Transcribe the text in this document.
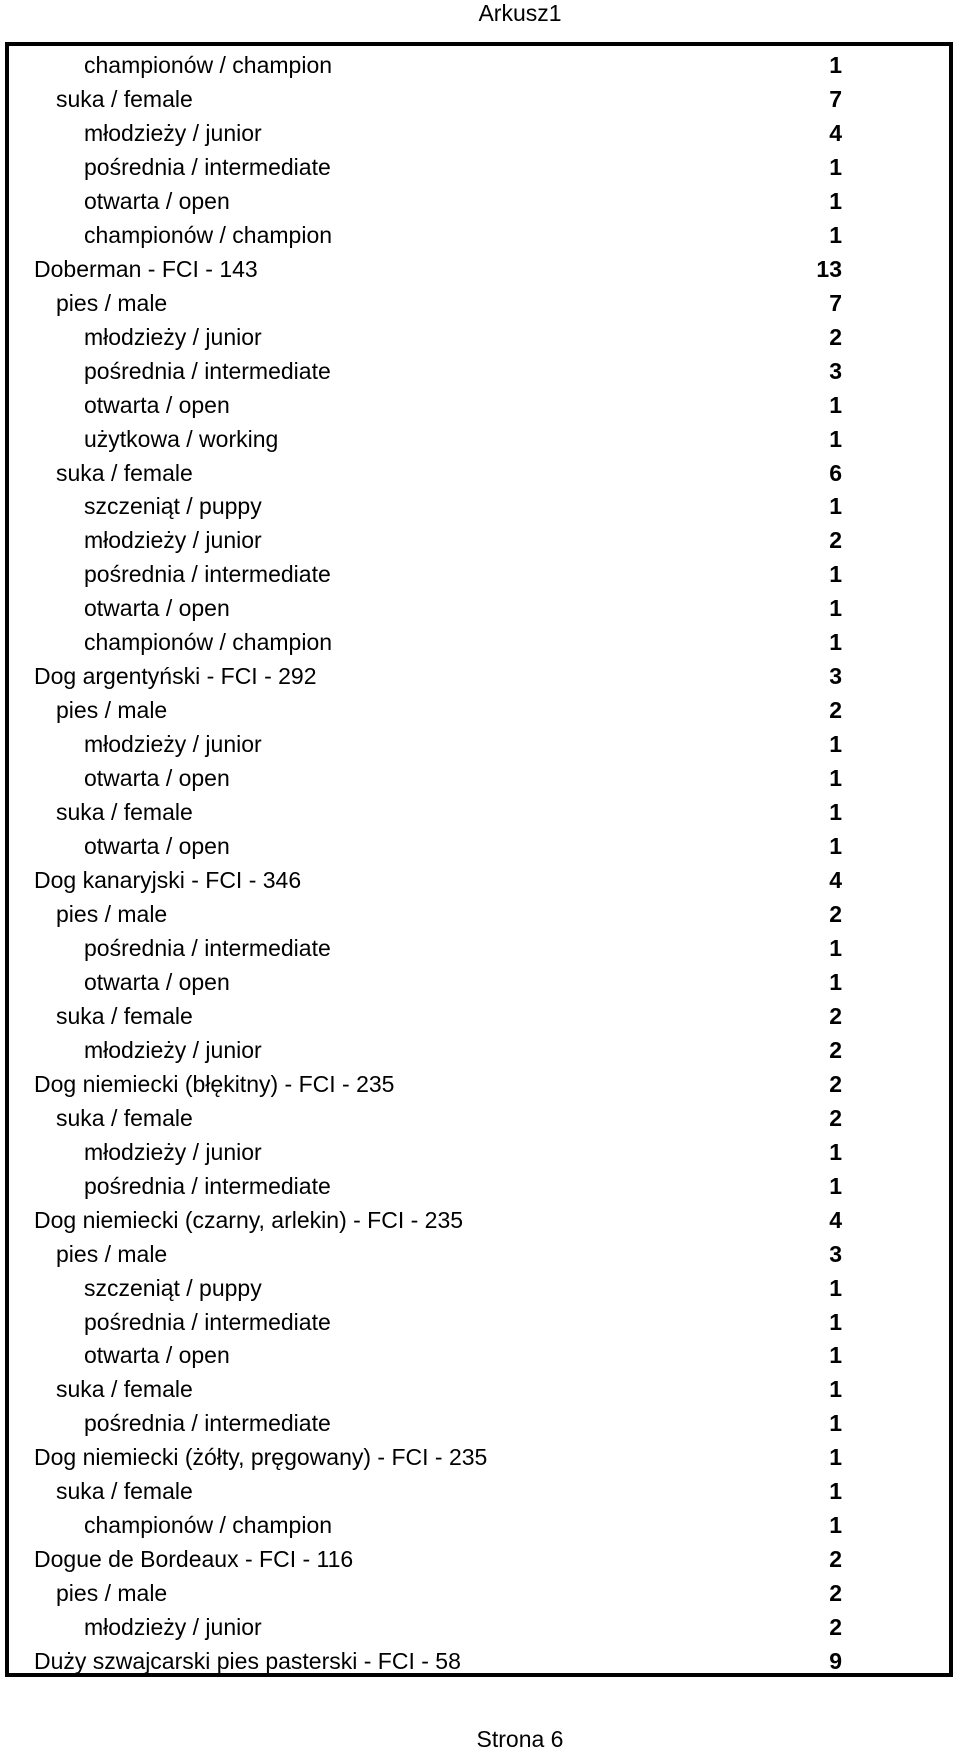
Arkusz1
championów / champion	1
suka / female	7
młodzieży / junior	4
pośrednia / intermediate	1
otwarta / open	1
championów / champion	1
Doberman - FCI - 143	13
pies / male	7
młodzieży / junior	2
pośrednia / intermediate	3
otwarta / open	1
użytkowa / working	1
suka / female	6
szczeniąt / puppy	1
młodzieży / junior	2
pośrednia / intermediate	1
otwarta / open	1
championów / champion	1
Dog argentyński - FCI - 292	3
pies / male	2
młodzieży / junior	1
otwarta / open	1
suka / female	1
otwarta / open	1
Dog kanaryjski - FCI - 346	4
pies / male	2
pośrednia / intermediate	1
otwarta / open	1
suka / female	2
młodzieży / junior	2
Dog niemiecki (błękitny) - FCI - 235	2
suka / female	2
młodzieży / junior	1
pośrednia / intermediate	1
Dog niemiecki (czarny, arlekin) - FCI - 235	4
pies / male	3
szczeniąt / puppy	1
pośrednia / intermediate	1
otwarta / open	1
suka / female	1
pośrednia / intermediate	1
Dog niemiecki (żółty, pręgowany) - FCI - 235	1
suka / female	1
championów / champion	1
Dogue de Bordeaux - FCI - 116	2
pies / male	2
młodzieży / junior	2
Duży szwajcarski pies pasterski - FCI - 58	9
Strona 6
